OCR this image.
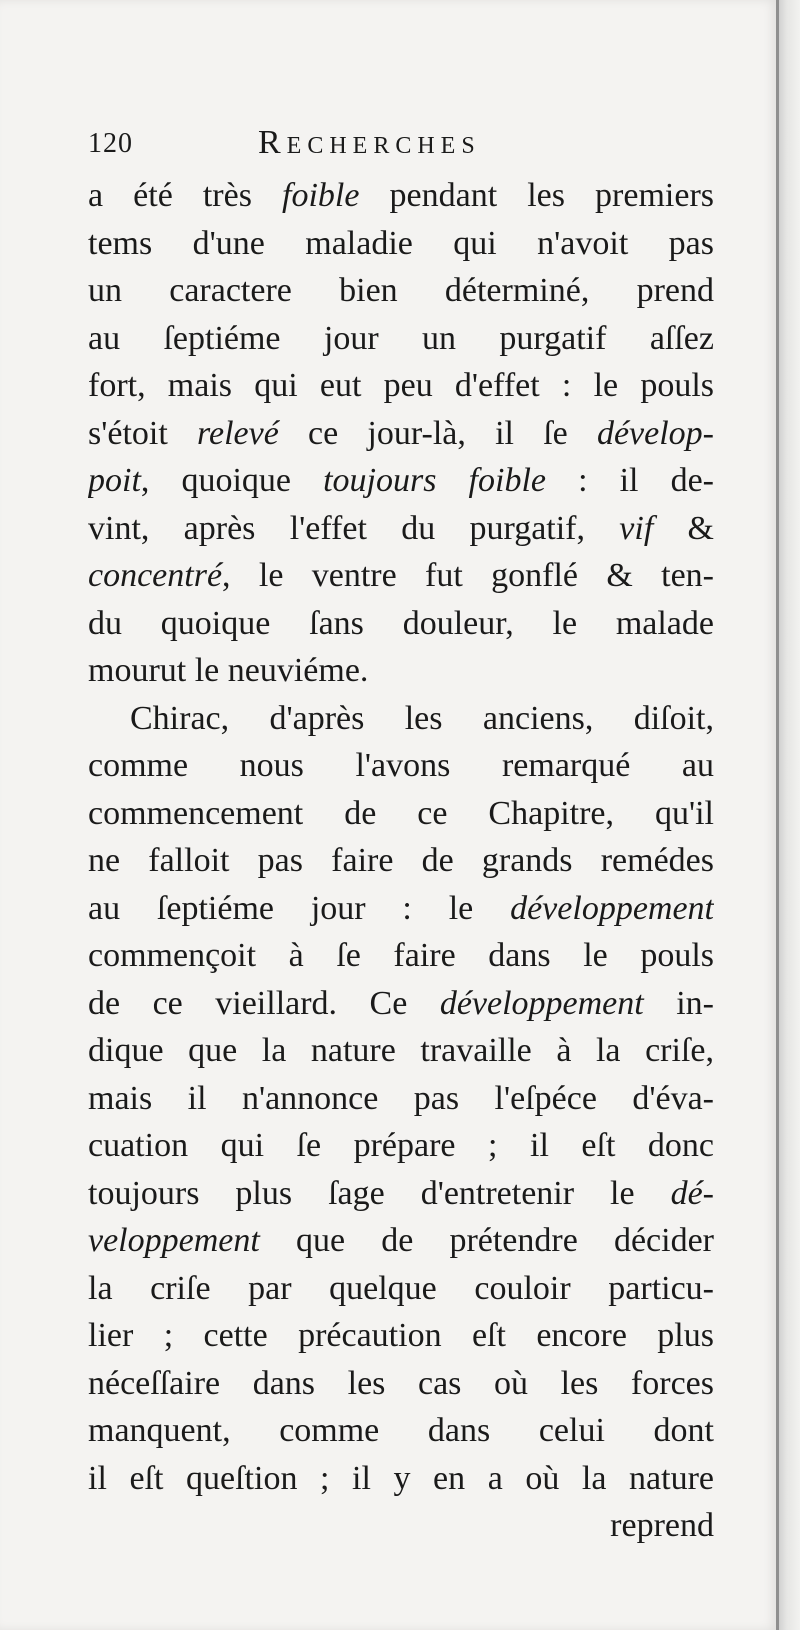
120	Recherches
a été très foible pendant les premiers
tems d'une maladie qui n'avoit pas
un caractere bien déterminé, prend
au ſeptiéme jour un purgatif aſſez
fort, mais qui eut peu d'effet : le pouls
s'étoit relevé ce jour-là, il ſe dévelop-
poit, quoique toujours foible : il de-
vint, après l'effet du purgatif, vif &
concentré, le ventre fut gonflé & ten-
du quoique ſans douleur, le malade
mourut le neuviéme.
Chirac, d'après les anciens, diſoit,
comme nous l'avons remarqué au
commencement de ce Chapitre, qu'il
ne falloit pas faire de grands remédes
au ſeptiéme jour : le développement
commençoit à ſe faire dans le pouls
de ce vieillard. Ce développement in-
dique que la nature travaille à la criſe,
mais il n'annonce pas l'eſpéce d'éva-
cuation qui ſe prépare ; il eſt donc
toujours plus ſage d'entretenir le dé-
veloppement que de prétendre décider
la criſe par quelque couloir particu-
lier ; cette précaution eſt encore plus
néceſſaire dans les cas où les forces
manquent, comme dans celui dont
il eſt queſtion ; il y en a où la nature
reprend
